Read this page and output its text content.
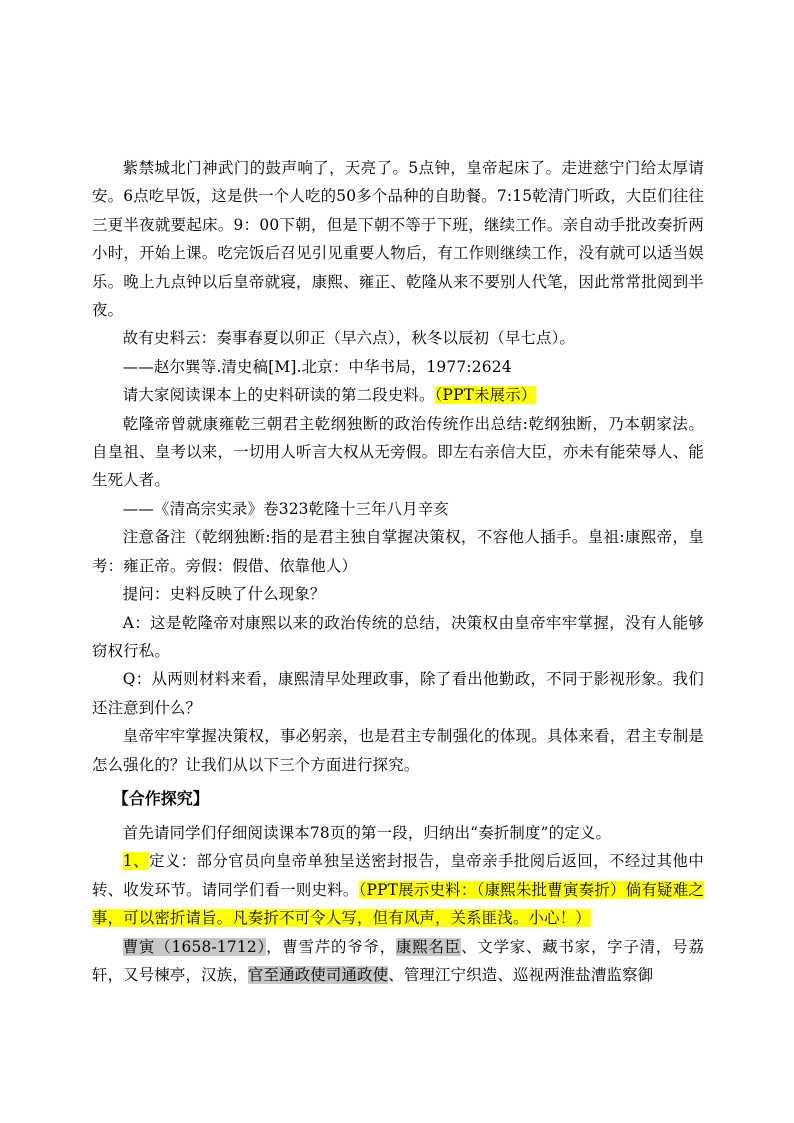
紫禁城北门神武门的鼓声响了，天亮了。5点钟，皇帝起床了。走进慈宁门给太厚请安。6点吃早饭，这是供一个人吃的50多个品种的自助餐。7:15乾清门听政，大臣们往往三更半夜就要起床。9：00下朝，但是下朝不等于下班，继续工作。亲自动手批改奏折两小时，开始上课。吃完饭后召见引见重要人物后，有工作则继续工作，没有就可以适当娱乐。晚上九点钟以后皇帝就寝，康熙、雍正、乾隆从来不要别人代笔，因此常常批阅到半夜。

故有史料云：奏事春夏以卯正（早六点），秋冬以辰初（早七点）。

——赵尔巽等.清史稿[M].北京：中华书局，1977:2624

请大家阅读课本上的史料研读的第二段史料。（PPT未展示）

乾隆帝曾就康雍乾三朝君主乾纲独断的政治传统作出总结:乾纲独断，乃本朝家法。自皇祖、皇考以来，一切用人听言大权从无旁假。即左右亲信大臣，亦未有能荣辱人、能生死人者。

——《清高宗实录》卷323乾隆十三年八月辛亥

注意备注（乾纲独断:指的是君主独自掌握决策权，不容他人插手。皇祖:康熙帝，皇考：雍正帝。旁假：假借、依靠他人）

提问：史料反映了什么现象？

A：这是乾隆帝对康熙以来的政治传统的总结，决策权由皇帝牢牢掌握，没有人能够窃权行私。

Q：从两则材料来看，康熙清早处理政事，除了看出他勤政，不同于影视形象。我们还注意到什么？

皇帝牢牢掌握决策权，事必躬亲，也是君主专制强化的体现。具体来看，君主专制是怎么强化的？让我们从以下三个方面进行探究。

【合作探究】

首先请同学们仔细阅读课本78页的第一段，归纳出“奏折制度”的定义。

1、定义：部分官员向皇帝单独呈送密封报告，皇帝亲手批阅后返回，不经过其他中转、收发环节。请同学们看一则史料。（PPT展示史料：（康熙朱批曹寅奏折）倘有疑难之事，可以密折请旨。凡奏折不可令人写，但有风声，关系匪浅。小心！）

曹寅（1658-1712），曹雪芹的爷爷，康熙名臣、文学家、藏书家，字子清，号荔轩，又号楝亭，汉族，官至通政使司通政使、管理江宁织造、巡视两淮盐漕监察御
